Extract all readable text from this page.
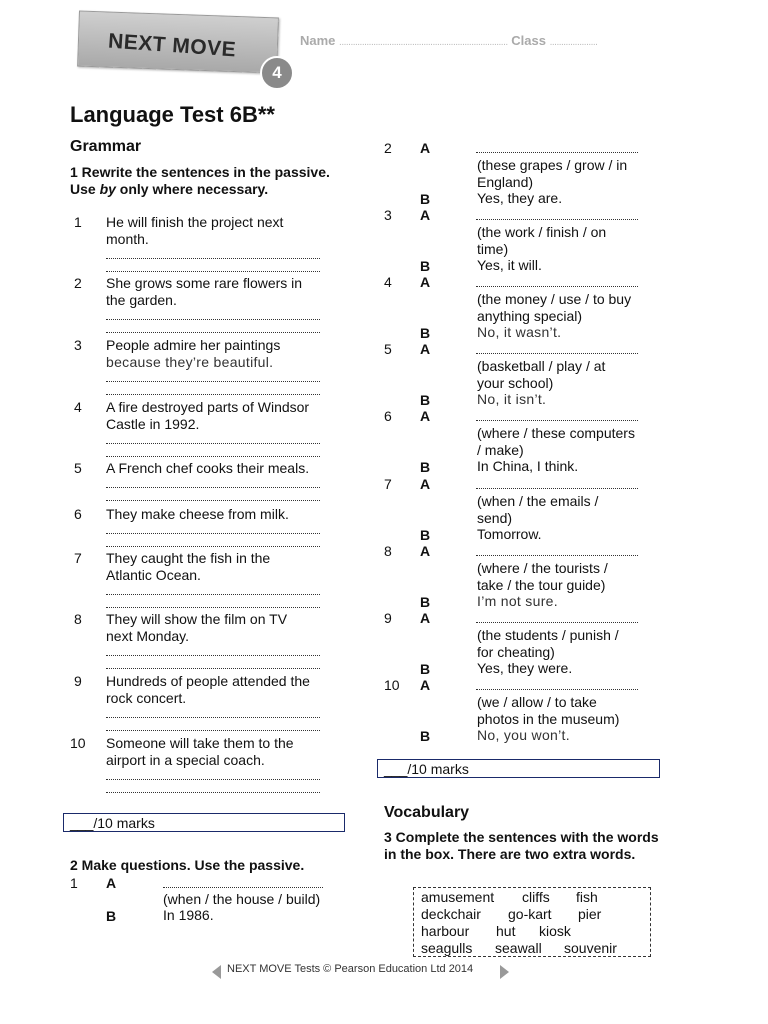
NEXT MOVE
4
Name .......................................................................... Class .....................
Language Test 6B**
Grammar
1 Rewrite the sentences in the passive. Use by only where necessary.
1 He will finish the project next
month.
2 She grows some rare flowers in
the garden.
3 People admire her paintings
because they’re beautiful.
4 A fire destroyed parts of Windsor
Castle in 1992.
5 A French chef cooks their meals.
6 They make cheese from milk.
7 They caught the fish in the
Atlantic Ocean.
8 They will show the film on TV
next Monday.
9 Hundreds of people attended the
rock concert.
10 Someone will take them to the
airport in a special coach.
___/10 marks
2 Make questions. Use the passive.
1 A
(when / the house / build)
B	In 1986.
2 A
(these grapes / grow / in
England)
B	Yes, they are.
3 A
(the work / finish / on
time)
B	Yes, it will.
4 A
(the money / use / to buy
anything special)
B	No, it wasn’t.
5 A
(basketball / play / at
your school)
B	No, it isn’t.
6 A
(where / these computers
/ make)
B	In China, I think.
7 A
(when / the emails /
send)
B	Tomorrow.
8 A
(where / the tourists /
take / the tour guide)
B	I’m not sure.
9 A
(the students / punish /
for cheating)
B	Yes, they were.
10 A
(we / allow / to take
photos in the museum)
B	No, you won’t.
___/10 marks
Vocabulary
3 Complete the sentences with the words in the box. There are two extra words.
amusement cliffs fish
deckchair go-kart pier
harbour hut kiosk
seagulls seawall souvenir
NEXT MOVE Tests © Pearson Education Ltd 2014
